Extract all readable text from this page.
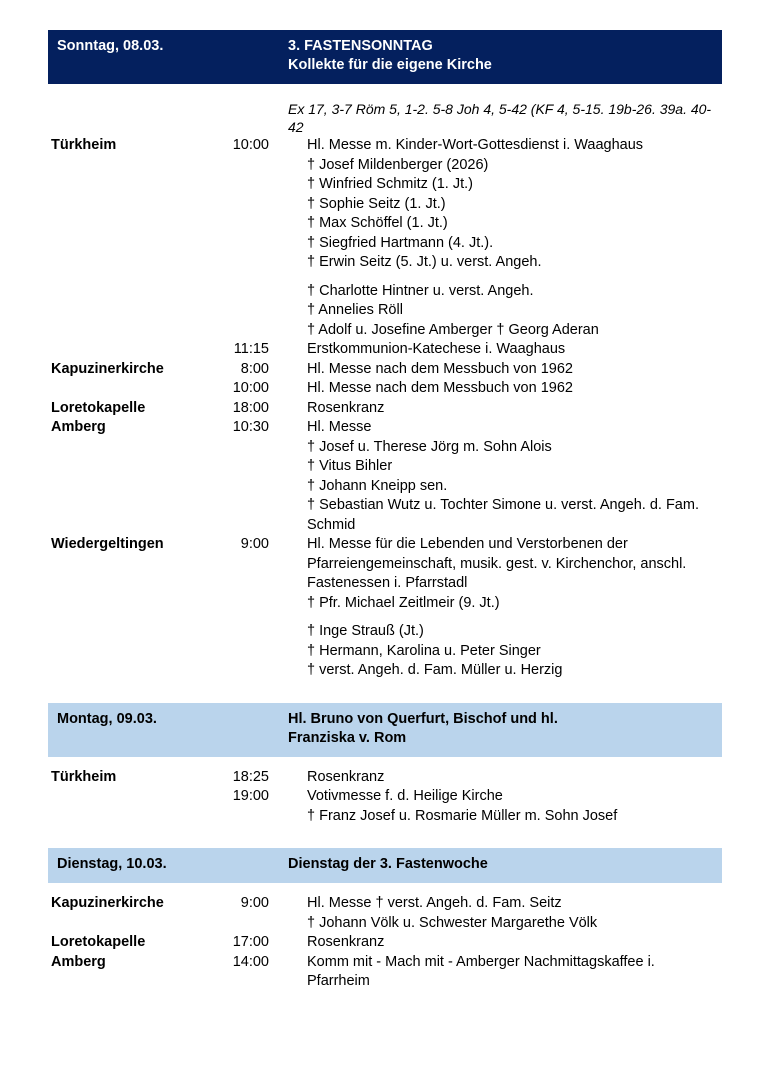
Sonntag, 08.03.	3. FASTENSONNTAG
Kollekte für die eigene Kirche
Ex 17, 3-7 Röm 5, 1-2. 5-8 Joh 4, 5-42 (KF 4, 5-15. 19b-26. 39a. 40-42
Türkheim	10:00	Hl. Messe m. Kinder-Wort-Gottesdienst i. Waaghaus
† Josef Mildenberger (2026)
† Winfried Schmitz (1. Jt.)
† Sophie Seitz (1. Jt.)
† Max Schöffel (1. Jt.)
† Siegfried Hartmann (4. Jt.).
† Erwin Seitz (5. Jt.) u. verst. Angeh.
† Charlotte Hintner u. verst. Angeh.
† Annelies Röll
† Adolf u. Josefine Amberger † Georg Aderan
11:15	Erstkommunion-Katechese i. Waaghaus
Kapuzinerkirche	8:00	Hl. Messe nach dem Messbuch von 1962
10:00	Hl. Messe nach dem Messbuch von 1962
Loretokapelle	18:00	Rosenkranz
Amberg	10:30	Hl. Messe
† Josef u. Therese Jörg m. Sohn Alois
† Vitus Bihler
† Johann Kneipp sen.
† Sebastian Wutz u. Tochter Simone u. verst. Angeh. d. Fam. Schmid
Wiedergeltingen	9:00	Hl. Messe für die Lebenden und Verstorbenen der Pfarreiengemeinschaft, musik. gest. v. Kirchenchor, anschl. Fastenessen i. Pfarrstadl
† Pfr. Michael Zeitlmeir (9. Jt.)
† Inge Strauß (Jt.)
† Hermann, Karolina u. Peter Singer
† verst. Angeh. d. Fam. Müller u. Herzig
Montag, 09.03.	Hl. Bruno von Querfurt, Bischof und hl.
Franziska v. Rom
Türkheim	18:25	Rosenkranz
19:00	Votivmesse f. d. Heilige Kirche
† Franz Josef u. Rosmarie Müller m. Sohn Josef
Dienstag, 10.03.	Dienstag der 3. Fastenwoche
Kapuzinerkirche	9:00	Hl. Messe † verst. Angeh. d. Fam. Seitz
† Johann Völk u. Schwester Margarethe Völk
Loretokapelle	17:00	Rosenkranz
Amberg	14:00	Komm mit - Mach mit - Amberger Nachmittagskaffee i. Pfarrheim
